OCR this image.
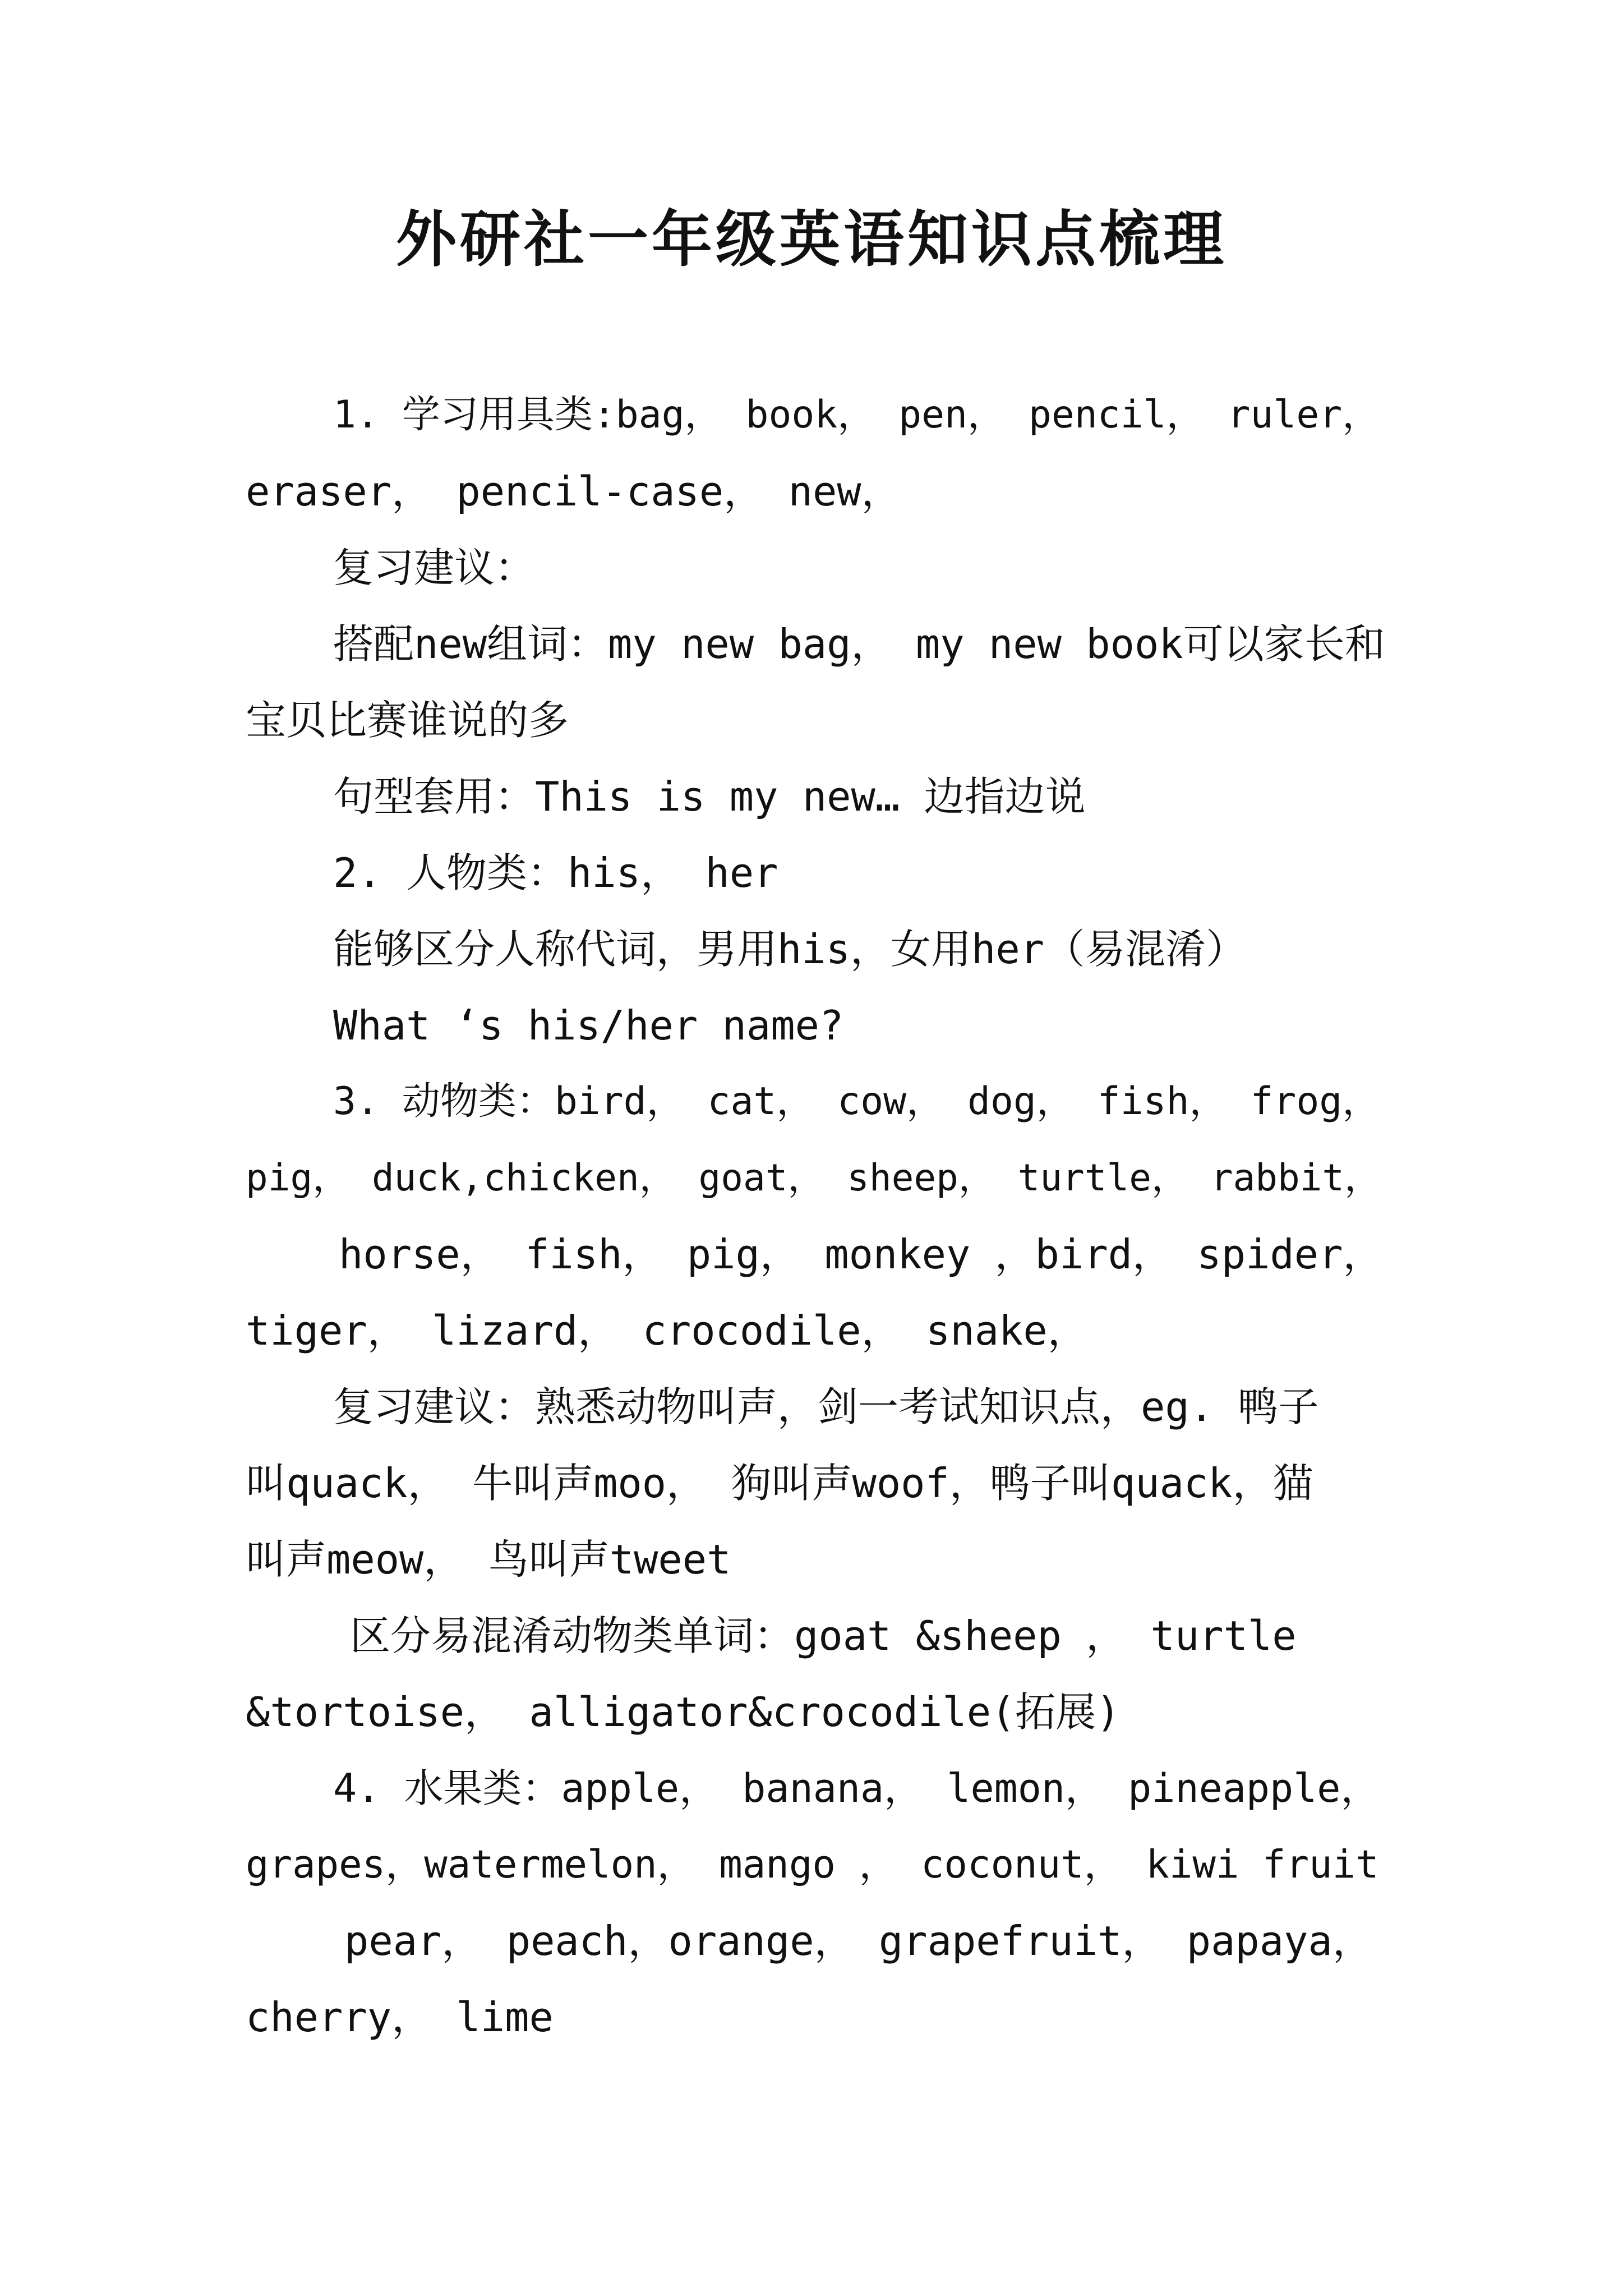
外研社一年级英语知识点梳理
1. 学习用具类:bag， book， pen， pencil， ruler，
eraser， pencil-case， new，
复习建议：
搭配new组词：my new bag， my new book可以家长和
宝贝比赛谁说的多
句型套用：This is my new… 边指边说
2. 人物类：his， her
能够区分人称代词，男用his，女用her（易混淆）
What ‘s his/her name?
3. 动物类：bird， cat， cow， dog， fish， frog，
pig， duck,chicken， goat， sheep， turtle， rabbit，
horse， fish， pig， monkey ，bird， spider，
tiger， lizard， crocodile， snake，
复习建议：熟悉动物叫声，剑一考试知识点，eg. 鸭子
叫quack， 牛叫声moo， 狗叫声woof，鸭子叫quack，猫
叫声meow， 鸟叫声tweet
区分易混淆动物类单词：goat &sheep ， turtle
&tortoise， alligator&crocodile(拓展)
4. 水果类：apple， banana， lemon， pineapple，
grapes，watermelon， mango ， coconut， kiwi fruit
pear， peach，orange， grapefruit， papaya，
cherry， lime
